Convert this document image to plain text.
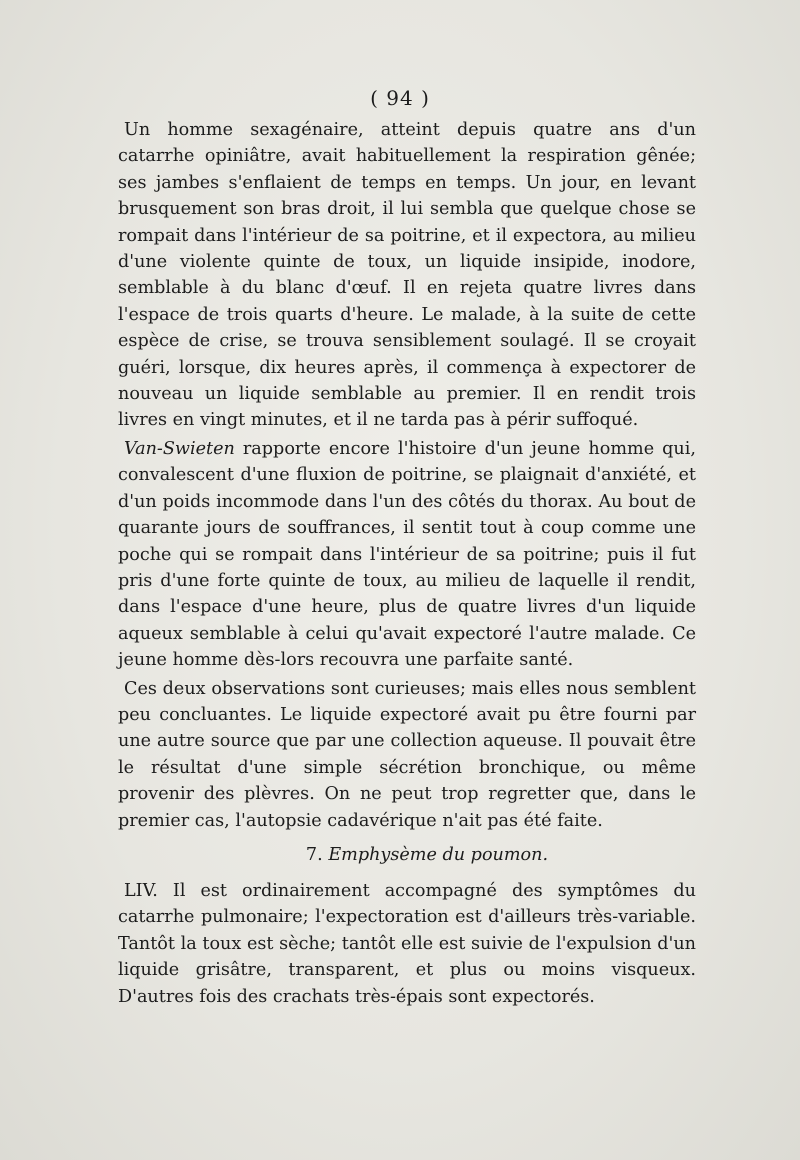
( 94 )

Un homme sexagénaire, atteint depuis quatre ans d'un catarrhe opiniâtre, avait habituellement la respiration gênée; ses jambes s'enflaient de temps en temps. Un jour, en levant brusquement son bras droit, il lui sembla que quelque chose se rompait dans l'intérieur de sa poitrine, et il expectora, au milieu d'une violente quinte de toux, un liquide insipide, inodore, semblable à du blanc d'œuf. Il en rejeta quatre livres dans l'espace de trois quarts d'heure. Le malade, à la suite de cette espèce de crise, se trouva sensiblement soulagé. Il se croyait guéri, lorsque, dix heures après, il commença à expectorer de nouveau un liquide semblable au premier. Il en rendit trois livres en vingt minutes, et il ne tarda pas à périr suffoqué.

Van-Swieten rapporte encore l'histoire d'un jeune homme qui, convalescent d'une fluxion de poitrine, se plaignait d'anxiété, et d'un poids incommode dans l'un des côtés du thorax. Au bout de quarante jours de souffrances, il sentit tout à coup comme une poche qui se rompait dans l'intérieur de sa poitrine; puis il fut pris d'une forte quinte de toux, au milieu de laquelle il rendit, dans l'espace d'une heure, plus de quatre livres d'un liquide aqueux semblable à celui qu'avait expectoré l'autre malade. Ce jeune homme dès-lors recouvra une parfaite santé.

Ces deux observations sont curieuses; mais elles nous semblent peu concluantes. Le liquide expectoré avait pu être fourni par une autre source que par une collection aqueuse. Il pouvait être le résultat d'une simple sécrétion bronchique, ou même provenir des plèvres. On ne peut trop regretter que, dans le premier cas, l'autopsie cadavérique n'ait pas été faite.

7. Emphysème du poumon.

LIV. Il est ordinairement accompagné des symptômes du catarrhe pulmonaire; l'expectoration est d'ailleurs très-variable. Tantôt la toux est sèche; tantôt elle est suivie de l'expulsion d'un liquide grisâtre, transparent, et plus ou moins visqueux. D'autres fois des crachats très-épais sont expectorés.
